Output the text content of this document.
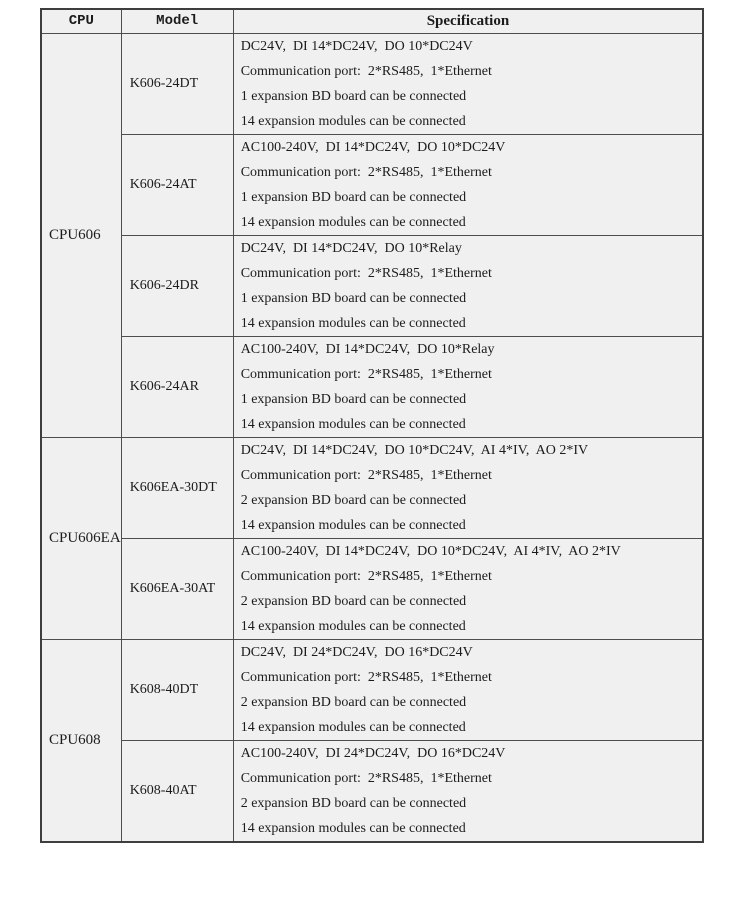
CPU	Model	Specification
CPU606	K606-24DT	DC24V,  DI 14*DC24V,  DO 10*DC24V
Communication port:  2*RS485,  1*Ethernet
1 expansion BD board can be connected
14 expansion modules can be connected

	K606-24AT	AC100-240V,  DI 14*DC24V,  DO 10*DC24V
Communication port:  2*RS485,  1*Ethernet
1 expansion BD board can be connected
14 expansion modules can be connected

	K606-24DR	DC24V,  DI 14*DC24V,  DO 10*Relay
Communication port:  2*RS485,  1*Ethernet
1 expansion BD board can be connected
14 expansion modules can be connected

	K606-24AR	AC100-240V,  DI 14*DC24V,  DO 10*Relay
Communication port:  2*RS485,  1*Ethernet
1 expansion BD board can be connected
14 expansion modules can be connected

CPU606EA	K606EA-30DT	DC24V,  DI 14*DC24V,  DO 10*DC24V,  AI 4*IV,  AO 2*IV
Communication port:  2*RS485,  1*Ethernet
2 expansion BD board can be connected
14 expansion modules can be connected

	K606EA-30AT	AC100-240V,  DI 14*DC24V,  DO 10*DC24V,  AI 4*IV,  AO 2*IV
Communication port:  2*RS485,  1*Ethernet
2 expansion BD board can be connected
14 expansion modules can be connected

CPU608	K608-40DT	DC24V,  DI 24*DC24V,  DO 16*DC24V
Communication port:  2*RS485,  1*Ethernet
2 expansion BD board can be connected
14 expansion modules can be connected

	K608-40AT	AC100-240V,  DI 24*DC24V,  DO 16*DC24V
Communication port:  2*RS485,  1*Ethernet
2 expansion BD board can be connected
14 expansion modules can be connected
